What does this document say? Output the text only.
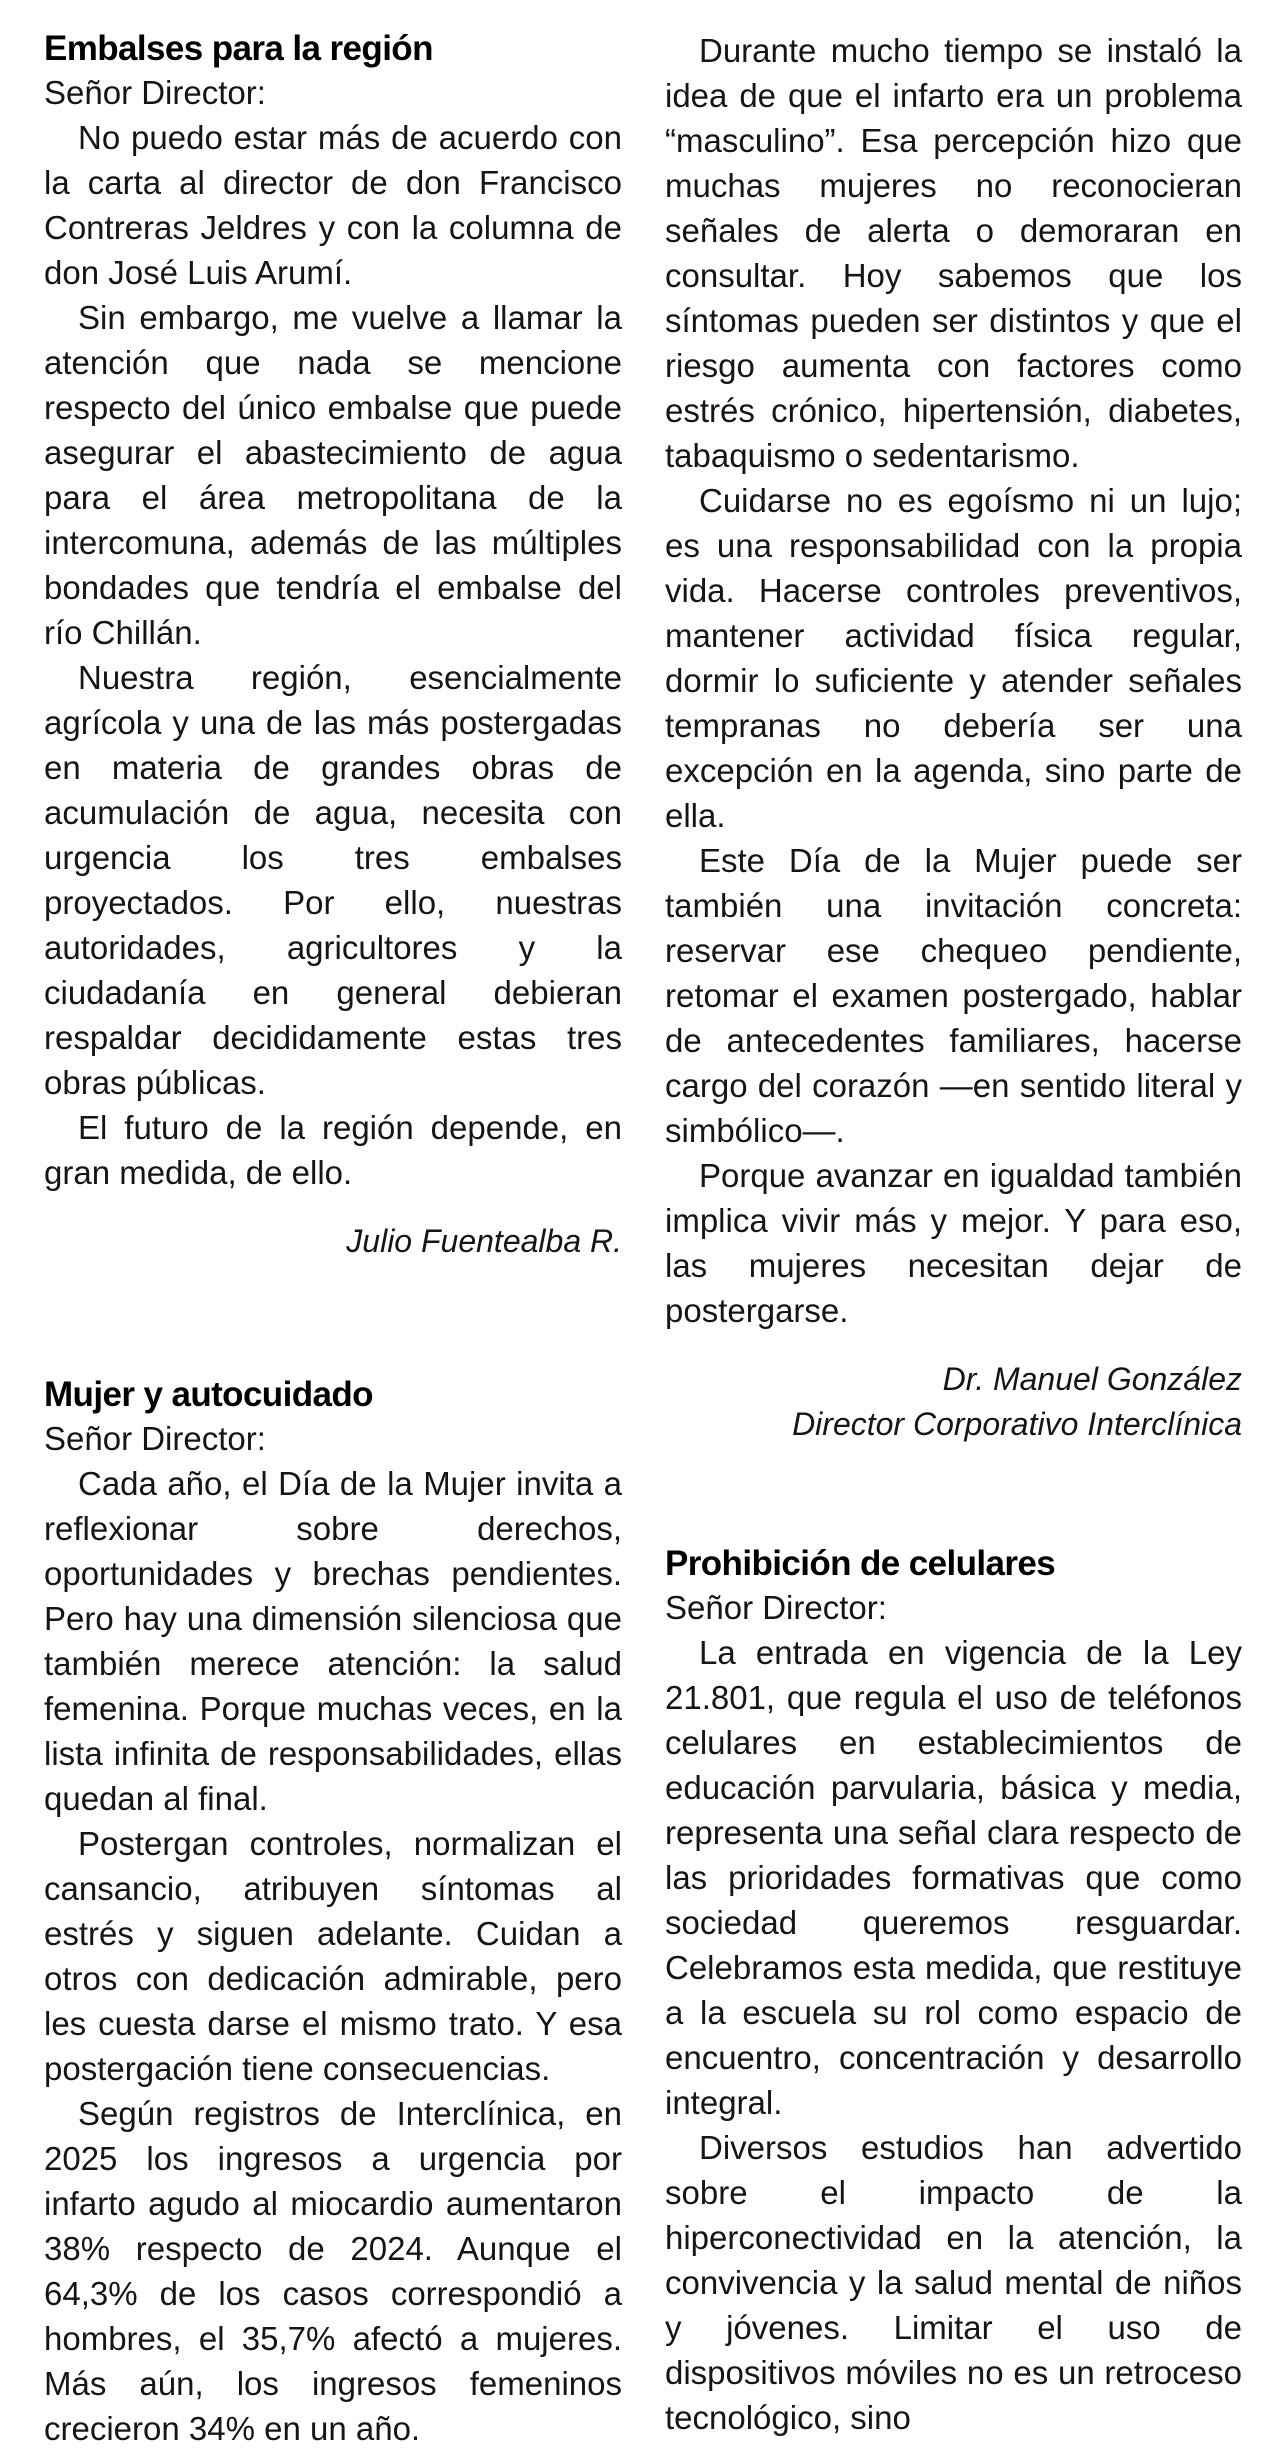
Embalses para la región

Señor Director:

No puedo estar más de acuerdo con la carta al director de don Francisco Contreras Jeldres y con la columna de don José Luis Arumí.

Sin embargo, me vuelve a llamar la atención que nada se mencione respecto del único embalse que puede asegurar el abastecimiento de agua para el área metropolitana de la intercomuna, además de las múltiples bondades que tendría el embalse del río Chillán.

Nuestra región, esencialmente agrícola y una de las más postergadas en materia de grandes obras de acumulación de agua, necesita con urgencia los tres embalses proyectados. Por ello, nuestras autoridades, agricultores y la ciudadanía en general debieran respaldar decididamente estas tres obras públicas.

El futuro de la región depende, en gran medida, de ello.

Julio Fuentealba R.

Mujer y autocuidado

Señor Director:

Cada año, el Día de la Mujer invita a reflexionar sobre derechos, oportunidades y brechas pendientes. Pero hay una dimensión silenciosa que también merece atención: la salud femenina. Porque muchas veces, en la lista infinita de responsabilidades, ellas quedan al final.

Postergan controles, normalizan el cansancio, atribuyen síntomas al estrés y siguen adelante. Cuidan a otros con dedicación admirable, pero les cuesta darse el mismo trato. Y esa postergación tiene consecuencias.

Según registros de Interclínica, en 2025 los ingresos a urgencia por infarto agudo al miocardio aumentaron 38% respecto de 2024. Aunque el 64,3% de los casos correspondió a hombres, el 35,7% afectó a mujeres. Más aún, los ingresos femeninos crecieron 34% en un año.

Durante mucho tiempo se instaló la idea de que el infarto era un problema “masculino”. Esa percepción hizo que muchas mujeres no reconocieran señales de alerta o demoraran en consultar. Hoy sabemos que los síntomas pueden ser distintos y que el riesgo aumenta con factores como estrés crónico, hipertensión, diabetes, tabaquismo o sedentarismo.

Cuidarse no es egoísmo ni un lujo; es una responsabilidad con la propia vida. Hacerse controles preventivos, mantener actividad física regular, dormir lo suficiente y atender señales tempranas no debería ser una excepción en la agenda, sino parte de ella.

Este Día de la Mujer puede ser también una invitación concreta: reservar ese chequeo pendiente, retomar el examen postergado, hablar de antecedentes familiares, hacerse cargo del corazón —en sentido literal y simbólico—.

Porque avanzar en igualdad también implica vivir más y mejor. Y para eso, las mujeres necesitan dejar de postergarse.

Dr. Manuel González

Director Corporativo Interclínica

Prohibición de celulares

Señor Director:

La entrada en vigencia de la Ley 21.801, que regula el uso de teléfonos celulares en establecimientos de educación parvularia, básica y media, representa una señal clara respecto de las prioridades formativas que como sociedad queremos resguardar. Celebramos esta medida, que restituye a la escuela su rol como espacio de encuentro, concentración y desarrollo integral.

Diversos estudios han advertido sobre el impacto de la hiperconectividad en la atención, la convivencia y la salud mental de niños y jóvenes. Limitar el uso de dispositivos móviles no es un retroceso tecnológico, sino
